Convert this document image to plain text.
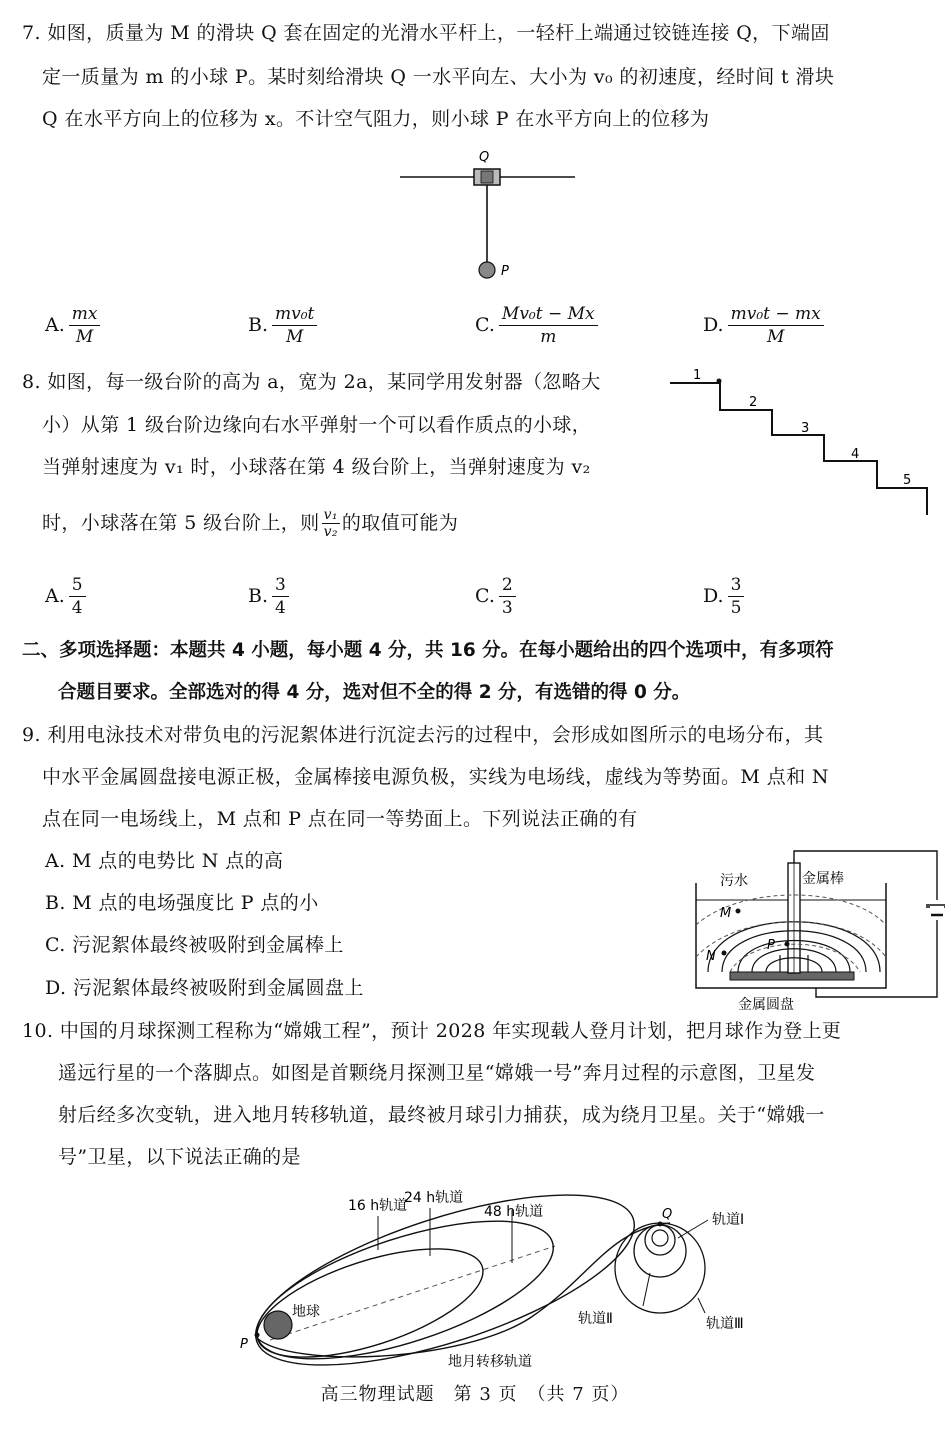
7. 如图，质量为 M 的滑块 Q 套在固定的光滑水平杆上，一轻杆上端通过铰链连接 Q，下端固
定一质量为 m 的小球 P。某时刻给滑块 Q 一水平向左、大小为 v₀ 的初速度，经时间 t 滑块
Q 在水平方向上的位移为 x。不计空气阻力，则小球 P 在水平方向上的位移为
Q
P
A. $\frac{mx}{M}$	B. $\frac{\text{mv₀t}}{M}$	C. $\frac{\text{Mv₀t − Mx}}{m}$	D. $\frac{\text{mv₀t − mx}}{M}$
8. 如图，每一级台阶的高为 a，宽为 2a，某同学用发射器（忽略大
小）从第 1 级台阶边缘向右水平弹射一个可以看作质点的小球，
当弹射速度为 v₁ 时，小球落在第 4 级台阶上，当弹射速度为 v₂
时，小球落在第 5 级台阶上，则 $\frac{\text{v₁}}{\text{v₂}}$ 的取值可能为
1
2
3
4
5
A. $\frac{5}{4}$	B. $\frac{3}{4}$	C. $\frac{2}{3}$	D. $\frac{3}{5}$
二、多项选择题：本题共 4 小题，每小题 4 分，共 16 分。在每小题给出的四个选项中，有多项符
合题目要求。全部选对的得 4 分，选对但不全的得 2 分，有选错的得 0 分。
9. 利用电泳技术对带负电的污泥絮体进行沉淀去污的过程中，会形成如图所示的电场分布，其
中水平金属圆盘接电源正极，金属棒接电源负极，实线为电场线，虚线为等势面。M 点和 N
点在同一电场线上，M 点和 P 点在同一等势面上。下列说法正确的有
A. M 点的电势比 N 点的高
B. M 点的电场强度比 P 点的小
C. 污泥絮体最终被吸附到金属棒上
D. 污泥絮体最终被吸附到金属圆盘上
M
N
P
污水	金属棒
金属圆盘
10. 中国的月球探测工程称为“嫦娥工程”，预计 2028 年实现载人登月计划，把月球作为登上更
遥远行星的一个落脚点。如图是首颗绕月探测卫星“嫦娥一号”奔月过程的示意图，卫星发
射后经多次变轨，进入地月转移轨道，最终被月球引力捕获，成为绕月卫星。关于“嫦娥一
号”卫星，以下说法正确的是
16 h轨道
24 h轨道
48 h轨道
地球
P
Q	轨道Ⅰ
轨道Ⅱ	轨道Ⅲ
地月转移轨道
高三物理试题　第 3 页　（共 7 页）
